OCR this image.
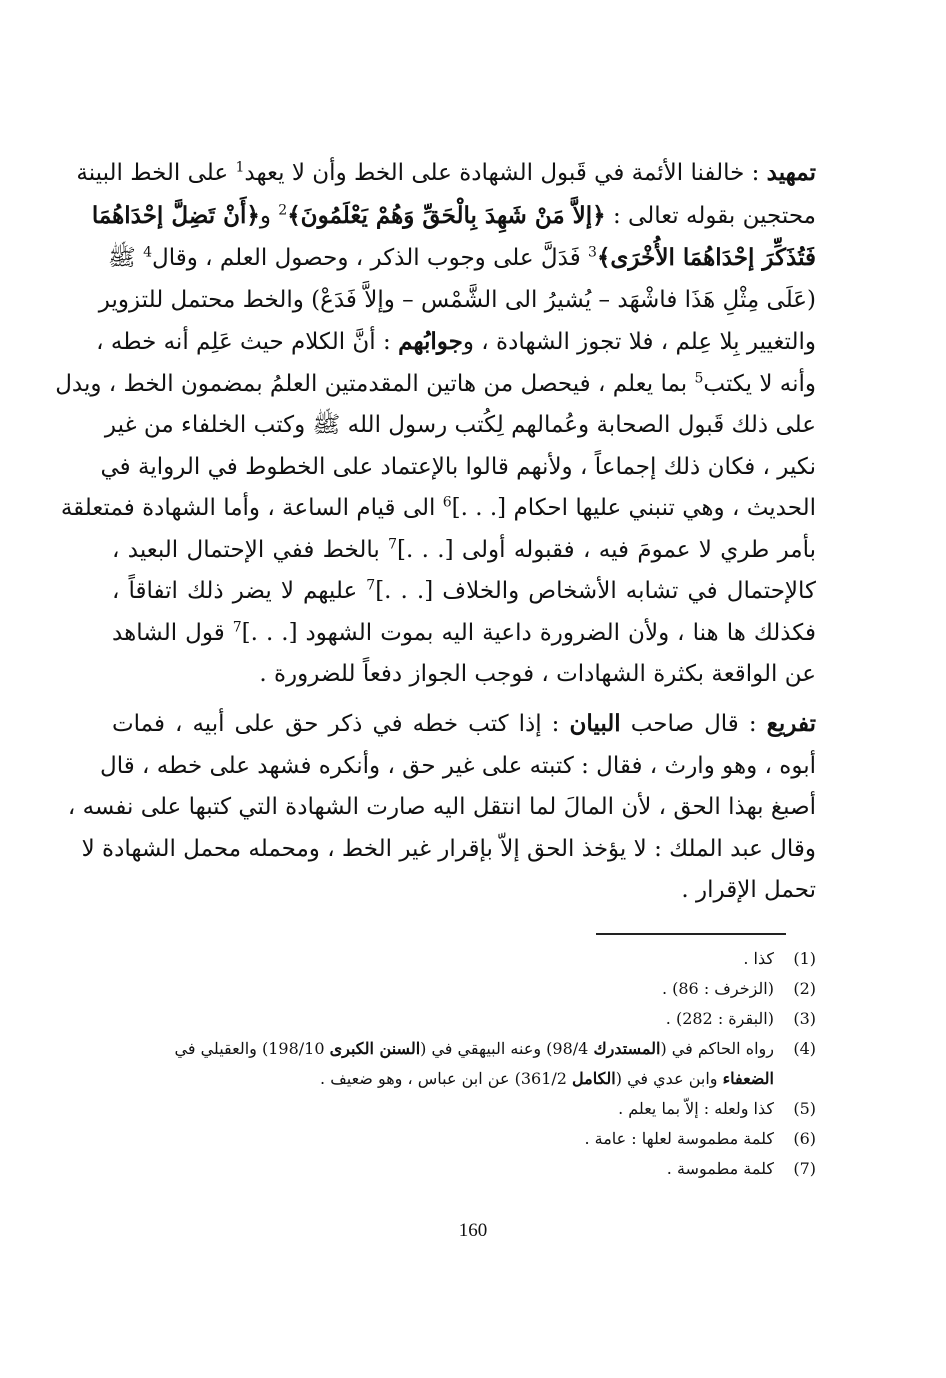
تمهيد : خالفنا الأئمة في قَبول الشهادة على الخط وأن لا يعهد$^1$ على الخط البينة
محتجين بقوله تعالى : ﴿إلاَّ مَنْ شَهِدَ بِالْحَقِّ وَهُمْ يَعْلَمُونَ﴾$^2$ و﴿أَنْ تَضِلَّ إحْدَاهُمَا
فَتُذَكِّرَ إحْدَاهُمَا الأُخْرَى﴾$^3$ فَدَلَّ على وجوب الذكر ، وحصول العلم ، وقال$^4$ ﷺ
(عَلَى مِثْلِ هَذَا فاشْهَد – يُشيرُ الى الشَّمْس – وإلاَّ فَدَعْ) والخط محتمل للتزوير
والتغيير بِلا عِلم ، فلا تجوز الشهادة ، وجوابُهم : أنَّ الكلام حيث عَلِم أنه خطه ،
وأنه لا يكتب$^5$ بما يعلم ، فيحصل من هاتين المقدمتين العلمُ بمضمون الخط ، ويدل
على ذلك قَبول الصحابة وعُمالهم لِكُتب رسول الله ﷺ وكتب الخلفاء من غير
نكير ، فكان ذلك إجماعاً ، ولأنهم قالوا بالإعتماد على الخطوط في الرواية في
الحديث ، وهي تنبني عليها احكام [. . .]$^6$ الى قيام الساعة ، وأما الشهادة فمتعلقة
بأمر طري لا عمومَ فيه ، فقبوله أولى [. . .]$^7$ بالخط ففي الإحتمال البعيد ،
كالإحتمال في تشابه الأشخاص والخلاف [. . .]$^7$ عليهم لا يضر ذلك اتفاقاً ،
فكذلك ها هنا ، ولأن الضرورة داعية اليه بموت الشهود [. . .]$^7$ قول الشاهد
عن الواقعة بكثرة الشهادات ، فوجب الجواز دفعاً للضرورة .
تفريع : قال صاحب البيان : إذا كتب خطه في ذكر حق على أبيه ، فمات
أبوه ، وهو وارث ، فقال : كتبته على غير حق ، وأنكره فشهد على خطه ، قال
أصبغ بهذا الحق ، لأن المالَ لما انتقل اليه صارت الشهادة التي كتبها على نفسه ،
وقال عبد الملك : لا يؤخذ الحق إلاّ بإقرار غير الخط ، ومحمله محمل الشهادة لا
تحمل الإقرار .
(1)
كذا .
(2)
(الزخرف : 86) .
(3)
(البقرة : 282) .
(4)
رواه الحاكم في (المستدرك 98/4) وعنه البيهقي في (السنن الكبرى 198/10) والعقيلي في
الضعفاء وابن عدي في (الكامل 361/2) عن ابن عباس ، وهو ضعيف .
(5)
كذا ولعله : إلاّ بما يعلم .
(6)
كلمة مطموسة لعلها : عامة .
(7)
كلمة مطموسة .
160
